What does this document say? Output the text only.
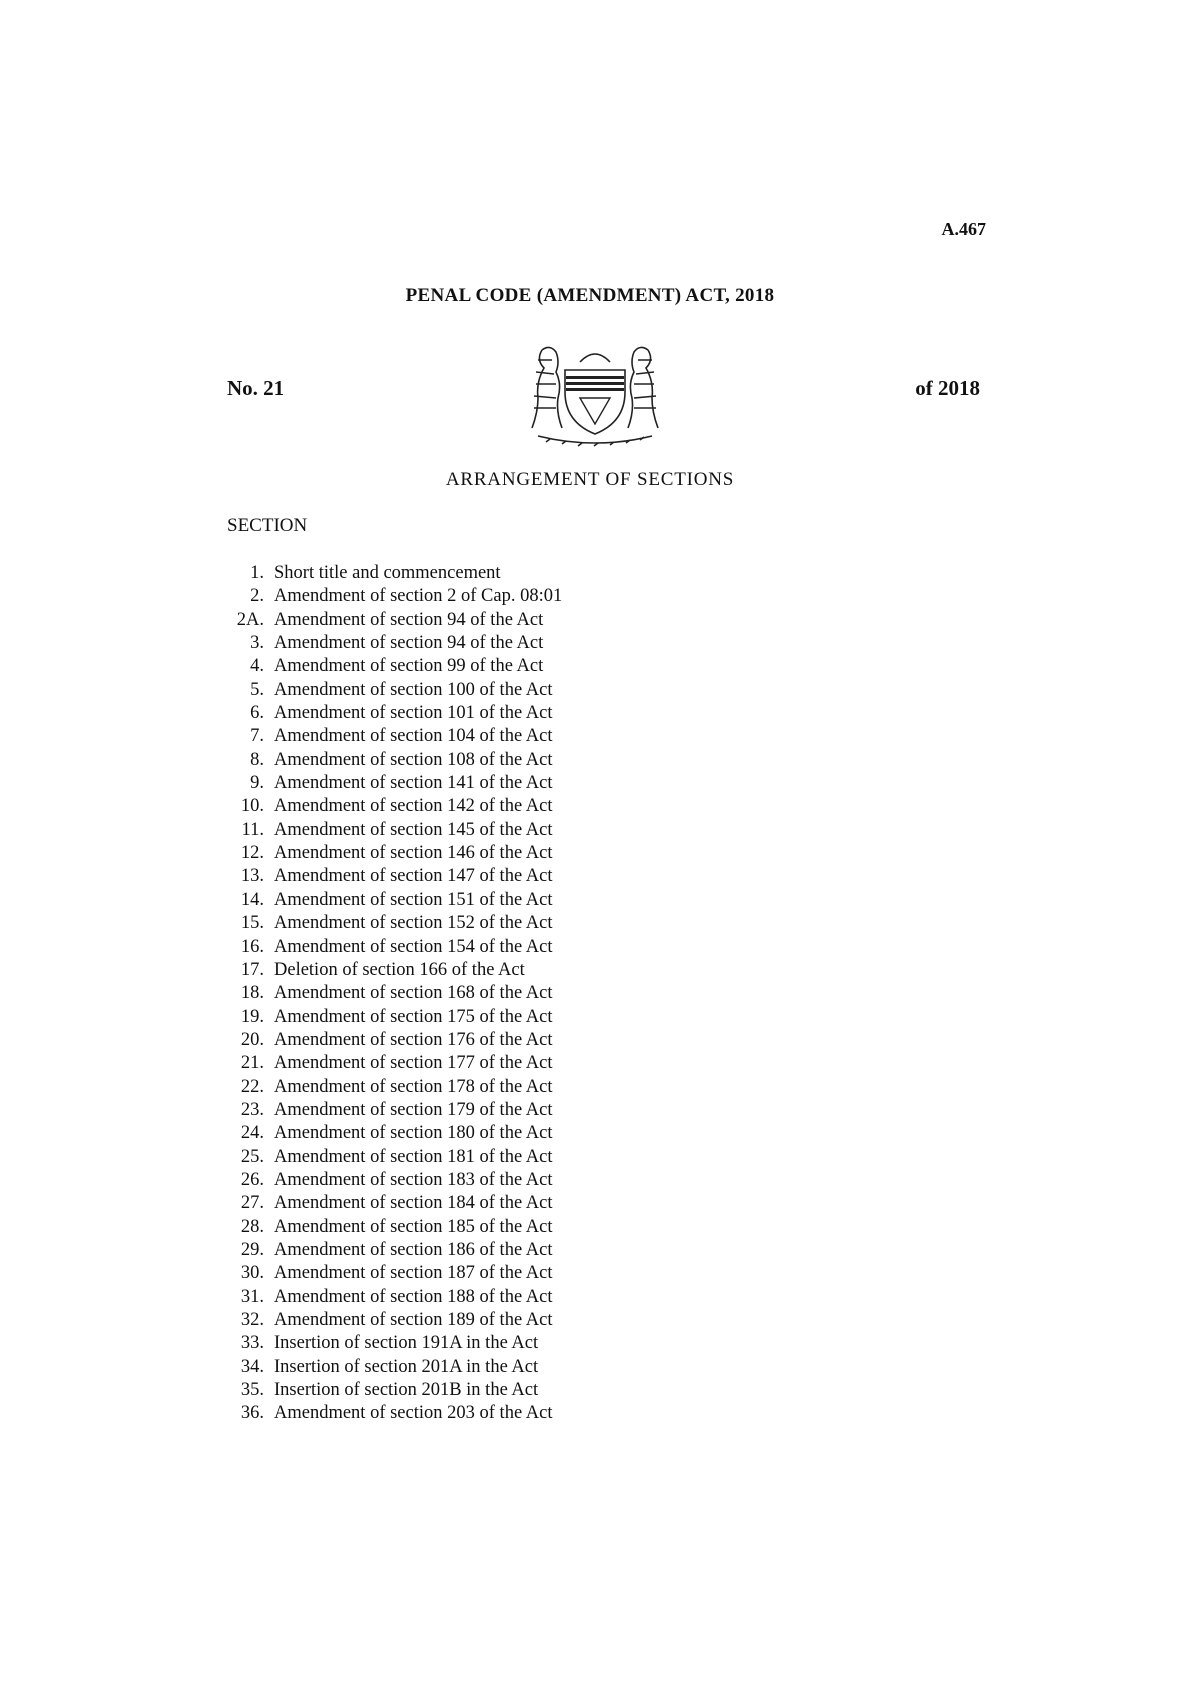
A.467
PENAL CODE (AMENDMENT) ACT, 2018
No. 21	of 2018
ARRANGEMENT OF SECTIONS
SECTION
1. Short title and commencement
2. Amendment of section 2 of Cap. 08:01
2A. Amendment of section 94 of the Act
3. Amendment of section 94 of the Act
4. Amendment of section 99 of the Act
5. Amendment of section 100 of the Act
6. Amendment of section 101 of the Act
7. Amendment of section 104 of the Act
8. Amendment of section 108 of the Act
9. Amendment of section 141 of the Act
10. Amendment of section 142 of the Act
11. Amendment of section 145 of the Act
12. Amendment of section 146 of the Act
13. Amendment of section 147 of the Act
14. Amendment of section 151 of the Act
15. Amendment of section 152 of the Act
16. Amendment of section 154 of the Act
17. Deletion of section 166 of the Act
18. Amendment of section 168 of the Act
19. Amendment of section 175 of the Act
20. Amendment of section 176 of the Act
21. Amendment of section 177 of the Act
22. Amendment of section 178 of the Act
23. Amendment of section 179 of the Act
24. Amendment of section 180 of the Act
25. Amendment of section 181 of the Act
26. Amendment of section 183 of the Act
27. Amendment of section 184 of the Act
28. Amendment of section 185 of the Act
29. Amendment of section 186 of the Act
30. Amendment of section 187 of the Act
31. Amendment of section 188 of the Act
32. Amendment of section 189 of the Act
33. Insertion of section 191A in the Act
34. Insertion of section 201A in the Act
35. Insertion of section 201B in the Act
36. Amendment of section 203 of the Act
